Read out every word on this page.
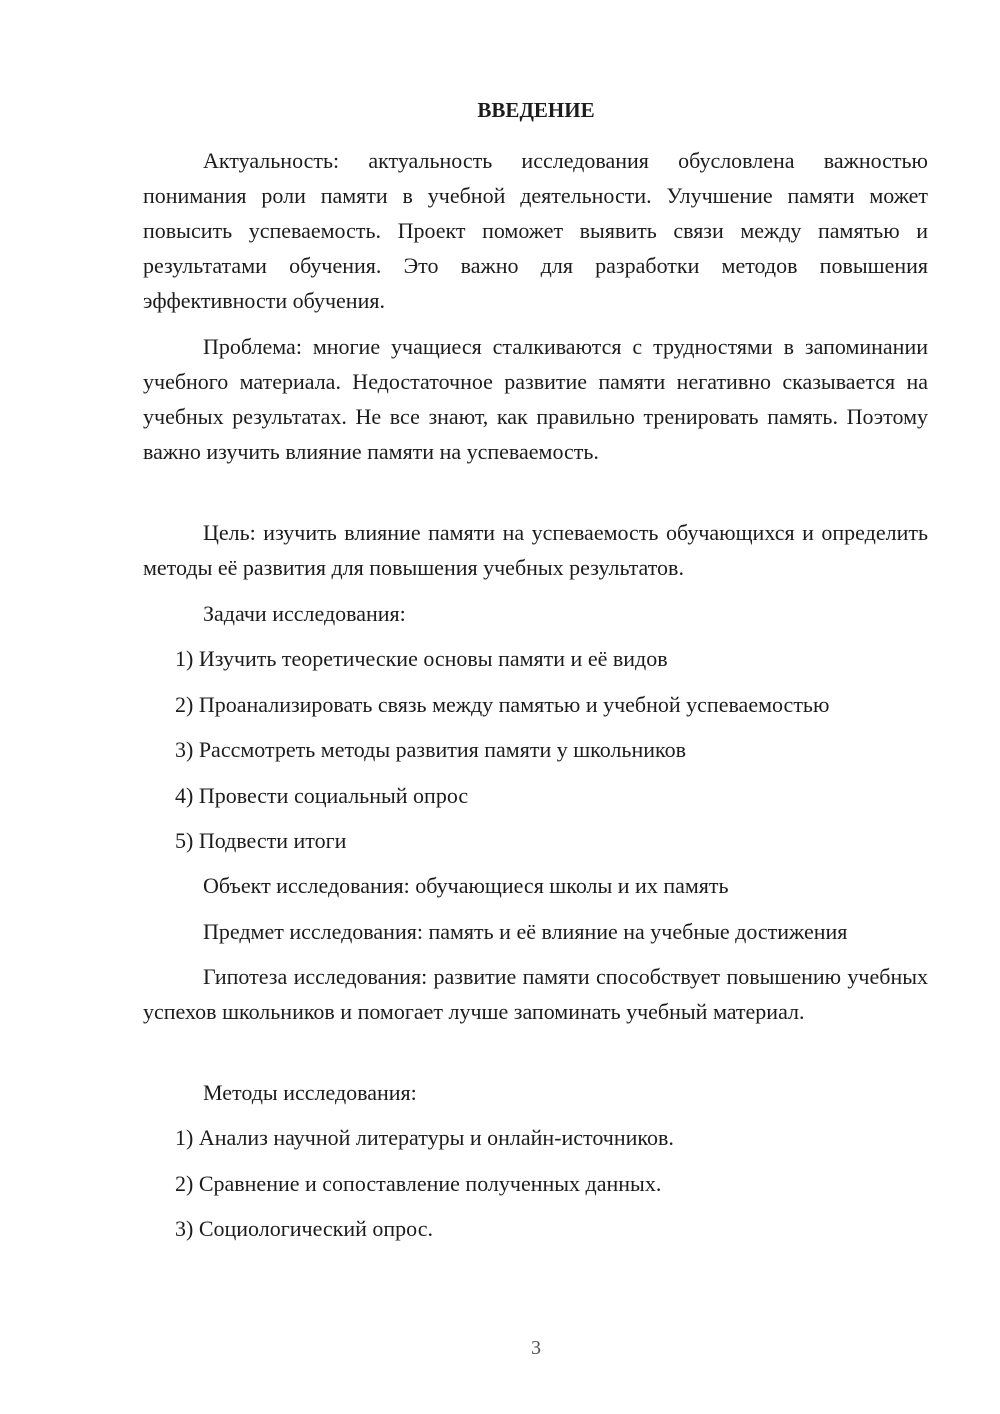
ВВЕДЕНИЕ

Актуальность: актуальность исследования обусловлена важностью понимания роли памяти в учебной деятельности. Улучшение памяти может повысить успеваемость. Проект поможет выявить связи между памятью и результатами обучения. Это важно для разработки методов повышения эффективности обучения.

Проблема: многие учащиеся сталкиваются с трудностями в запоминании учебного материала. Недостаточное развитие памяти негативно сказывается на учебных результатах. Не все знают, как правильно тренировать память. Поэтому важно изучить влияние памяти на успеваемость.

Цель: изучить влияние памяти на успеваемость обучающихся и определить методы её развития для повышения учебных результатов.

Задачи исследования:

1) Изучить теоретические основы памяти и её видов

2) Проанализировать связь между памятью и учебной успеваемостью

3) Рассмотреть методы развития памяти у школьников

4) Провести социальный опрос

5) Подвести итоги

Объект исследования: обучающиеся школы и их память

Предмет исследования: память и её влияние на учебные достижения

Гипотеза исследования: развитие памяти способствует повышению учебных успехов школьников и помогает лучше запоминать учебный материал.

Методы исследования:

1) Анализ научной литературы и онлайн-источников.

2) Сравнение и сопоставление полученных данных.

3) Социологический опрос.

3
